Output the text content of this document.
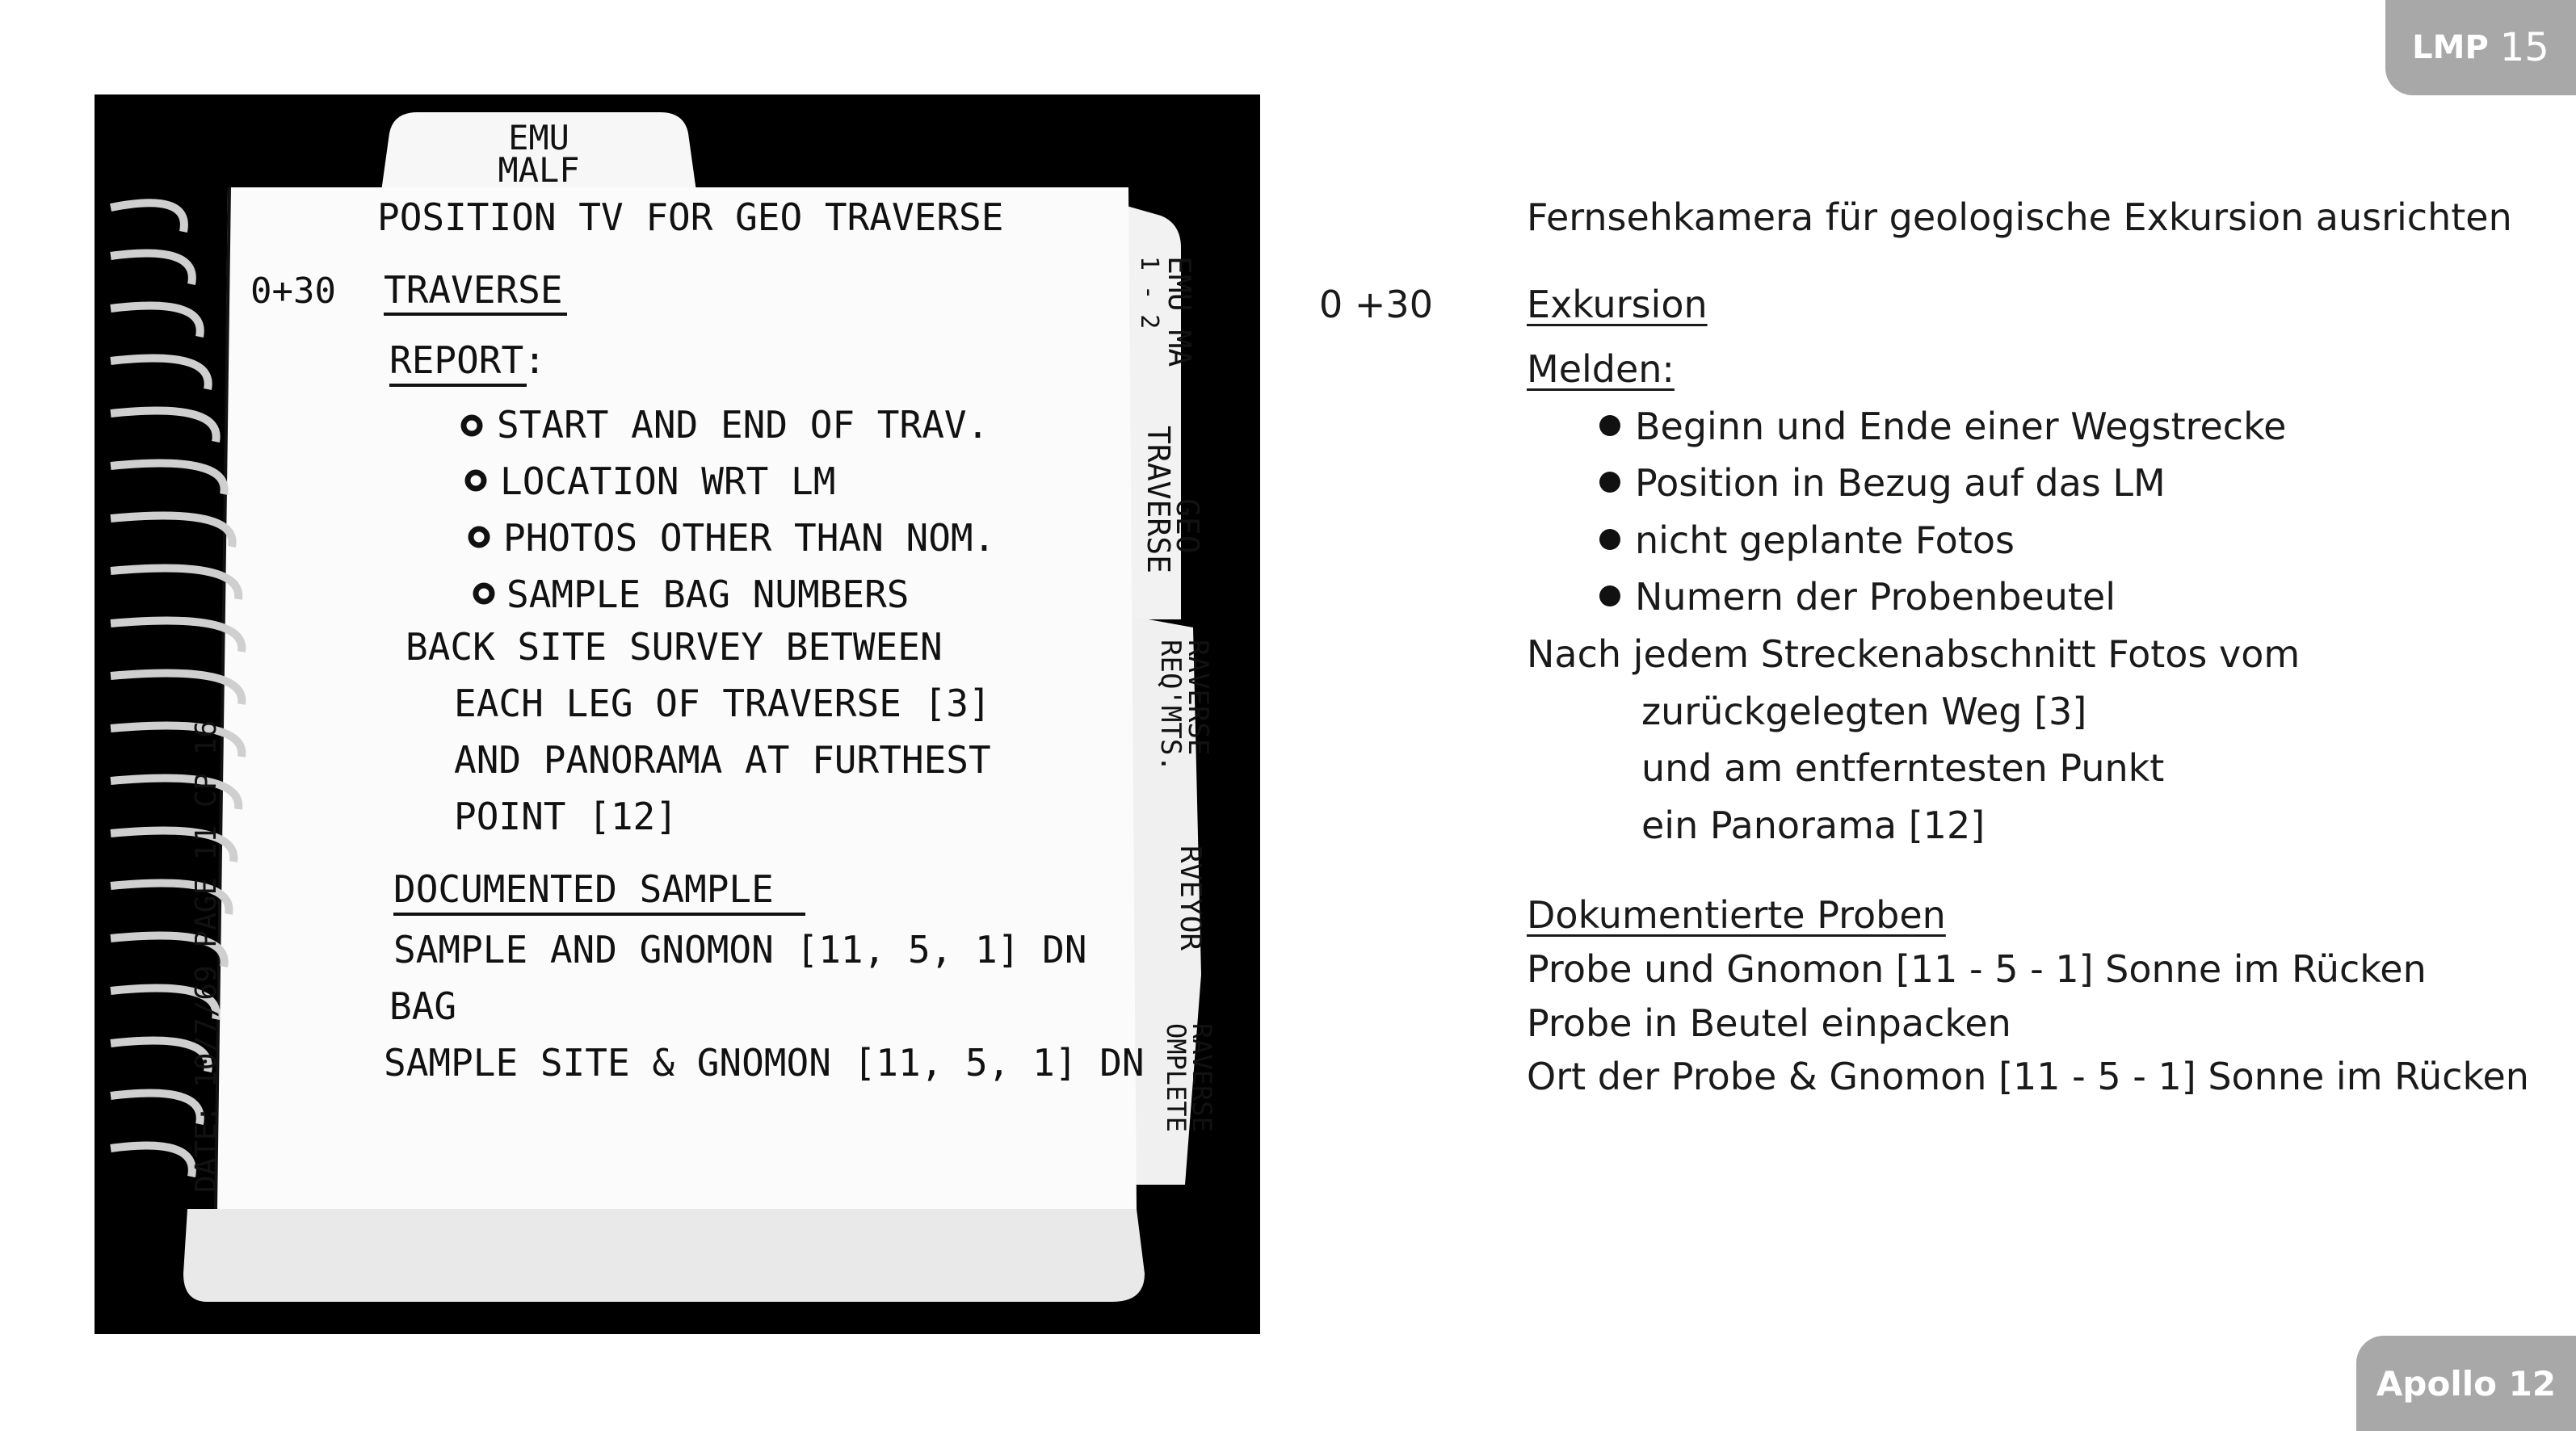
LMP 15
Apollo 12
EMU
MALF
DATE: 10/7/69 PAGE 11 CP 16
0+30
POSITION TV FOR GEO TRAVERSE
TRAVERSE
REPORT:
START AND END OF TRAV.
LOCATION WRT LM
PHOTOS OTHER THAN NOM.
SAMPLE BAG NUMBERS
BACK SITE SURVEY BETWEEN
EACH LEG OF TRAVERSE [3]
AND PANORAMA AT FURTHEST
POINT [12]
DOCUMENTED SAMPLE
SAMPLE AND GNOMON [11, 5, 1] DN
BAG
SAMPLE SITE & GNOMON [11, 5, 1] DN
EMU MA
1 - 2
GEO
TRAVERSE
RAVERSE
REQ'MTS.
RVEYOR
RAVERSE
OMPLETE
0 +30
Fernsehkamera für geologische Exkursion ausrichten
Exkursion
Melden:
Beginn und Ende einer Wegstrecke
Position in Bezug auf das LM
nicht geplante Fotos
Numern der Probenbeutel
Nach jedem Streckenabschnitt Fotos vom
zurückgelegten Weg [3]
und am entferntesten Punkt
ein Panorama [12]
Dokumentierte Proben
Probe und Gnomon [11 - 5 - 1] Sonne im Rücken
Probe in Beutel einpacken
Ort der Probe & Gnomon [11 - 5 - 1] Sonne im Rücken
